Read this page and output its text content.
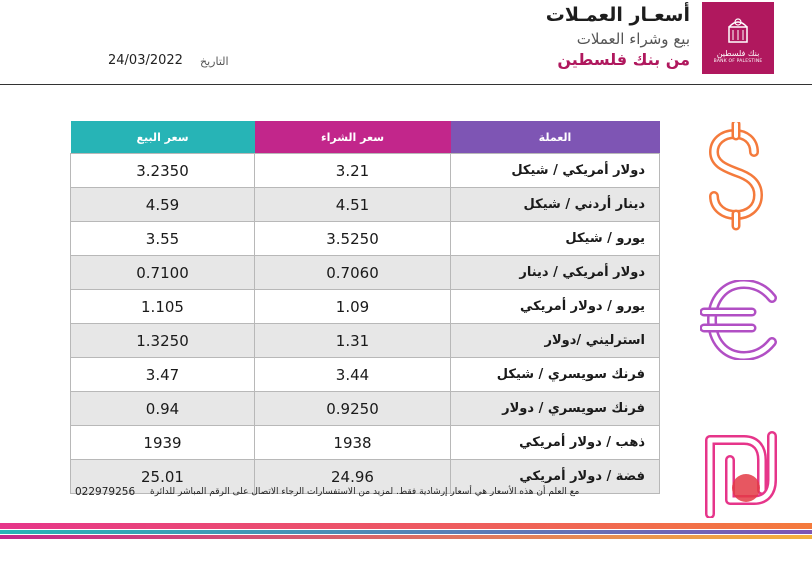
بنك فلسطين
BANK OF PALESTINE
أسعـار العمـلات
بيع وشراء العملات
من بنك فلسطين
التاريخ
24/03/2022
سعر البيع	سعر الشراء	العملة
3.2350	3.21	دولار أمريكي / شيكل
4.59	4.51	دينار أردني / شيكل
3.55	3.5250	يورو / شيكل
0.7100	0.7060	دولار أمريكي / دينار
1.105	1.09	يورو / دولار أمريكي
1.3250	1.31	استرليني /دولار
3.47	3.44	فرنك سويسري / شيكل
0.94	0.9250	فرنك سويسري / دولار
1939	1938	ذهب / دولار أمريكي
25.01	24.96	فضة / دولار أمريكي
022979256 مع العلم أن هذه الأسعار هي أسعار إرشادية فقط. لمزيد من الاستفسارات الرجاء الاتصال على الرقم المباشر للدائرة
